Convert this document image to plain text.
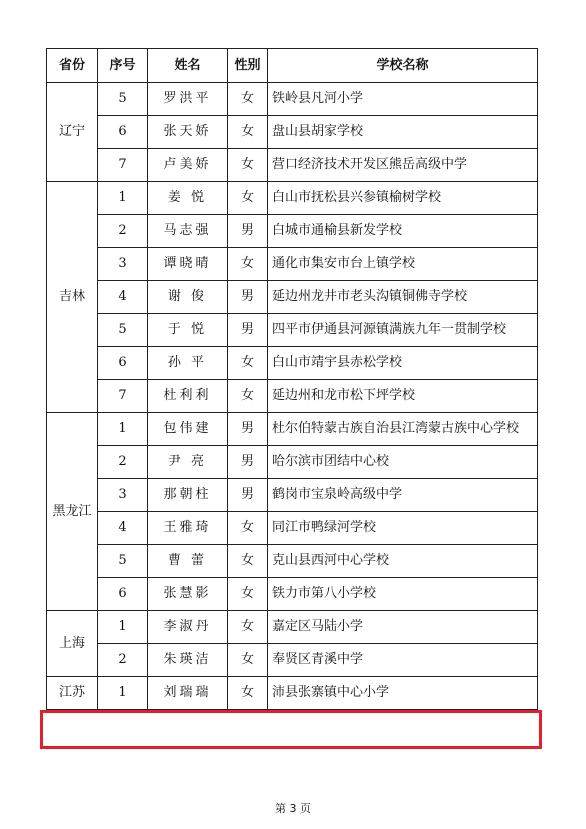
省份	序号	姓名	性别	学校名称
辽宁	5	罗洪平	女	铁岭县凡河小学
	6	张天娇	女	盘山县胡家学校
	7	卢美娇	女	营口经济技术开发区熊岳高级中学
吉林	1	姜 悦	女	白山市抚松县兴参镇榆树学校
	2	马志强	男	白城市通榆县新发学校
	3	谭晓晴	女	通化市集安市台上镇学校
	4	谢 俊	男	延边州龙井市老头沟镇铜佛寺学校
	5	于 悦	男	四平市伊通县河源镇满族九年一贯制学校
	6	孙 平	女	白山市靖宇县赤松学校
	7	杜利利	女	延边州和龙市松下坪学校
黑龙江	1	包伟建	男	杜尔伯特蒙古族自治县江湾蒙古族中心学校
	2	尹 亮	男	哈尔滨市团结中心校
	3	那朝柱	男	鹤岗市宝泉岭高级中学
	4	王雅琦	女	同江市鸭绿河学校
	5	曹 蕾	女	克山县西河中心学校
	6	张慧影	女	铁力市第八小学校
上海	1	李淑丹	女	嘉定区马陆小学
	2	朱瑛洁	女	奉贤区青溪中学
江苏	1	刘瑞瑞	女	沛县张寨镇中心小学
第 3 页
